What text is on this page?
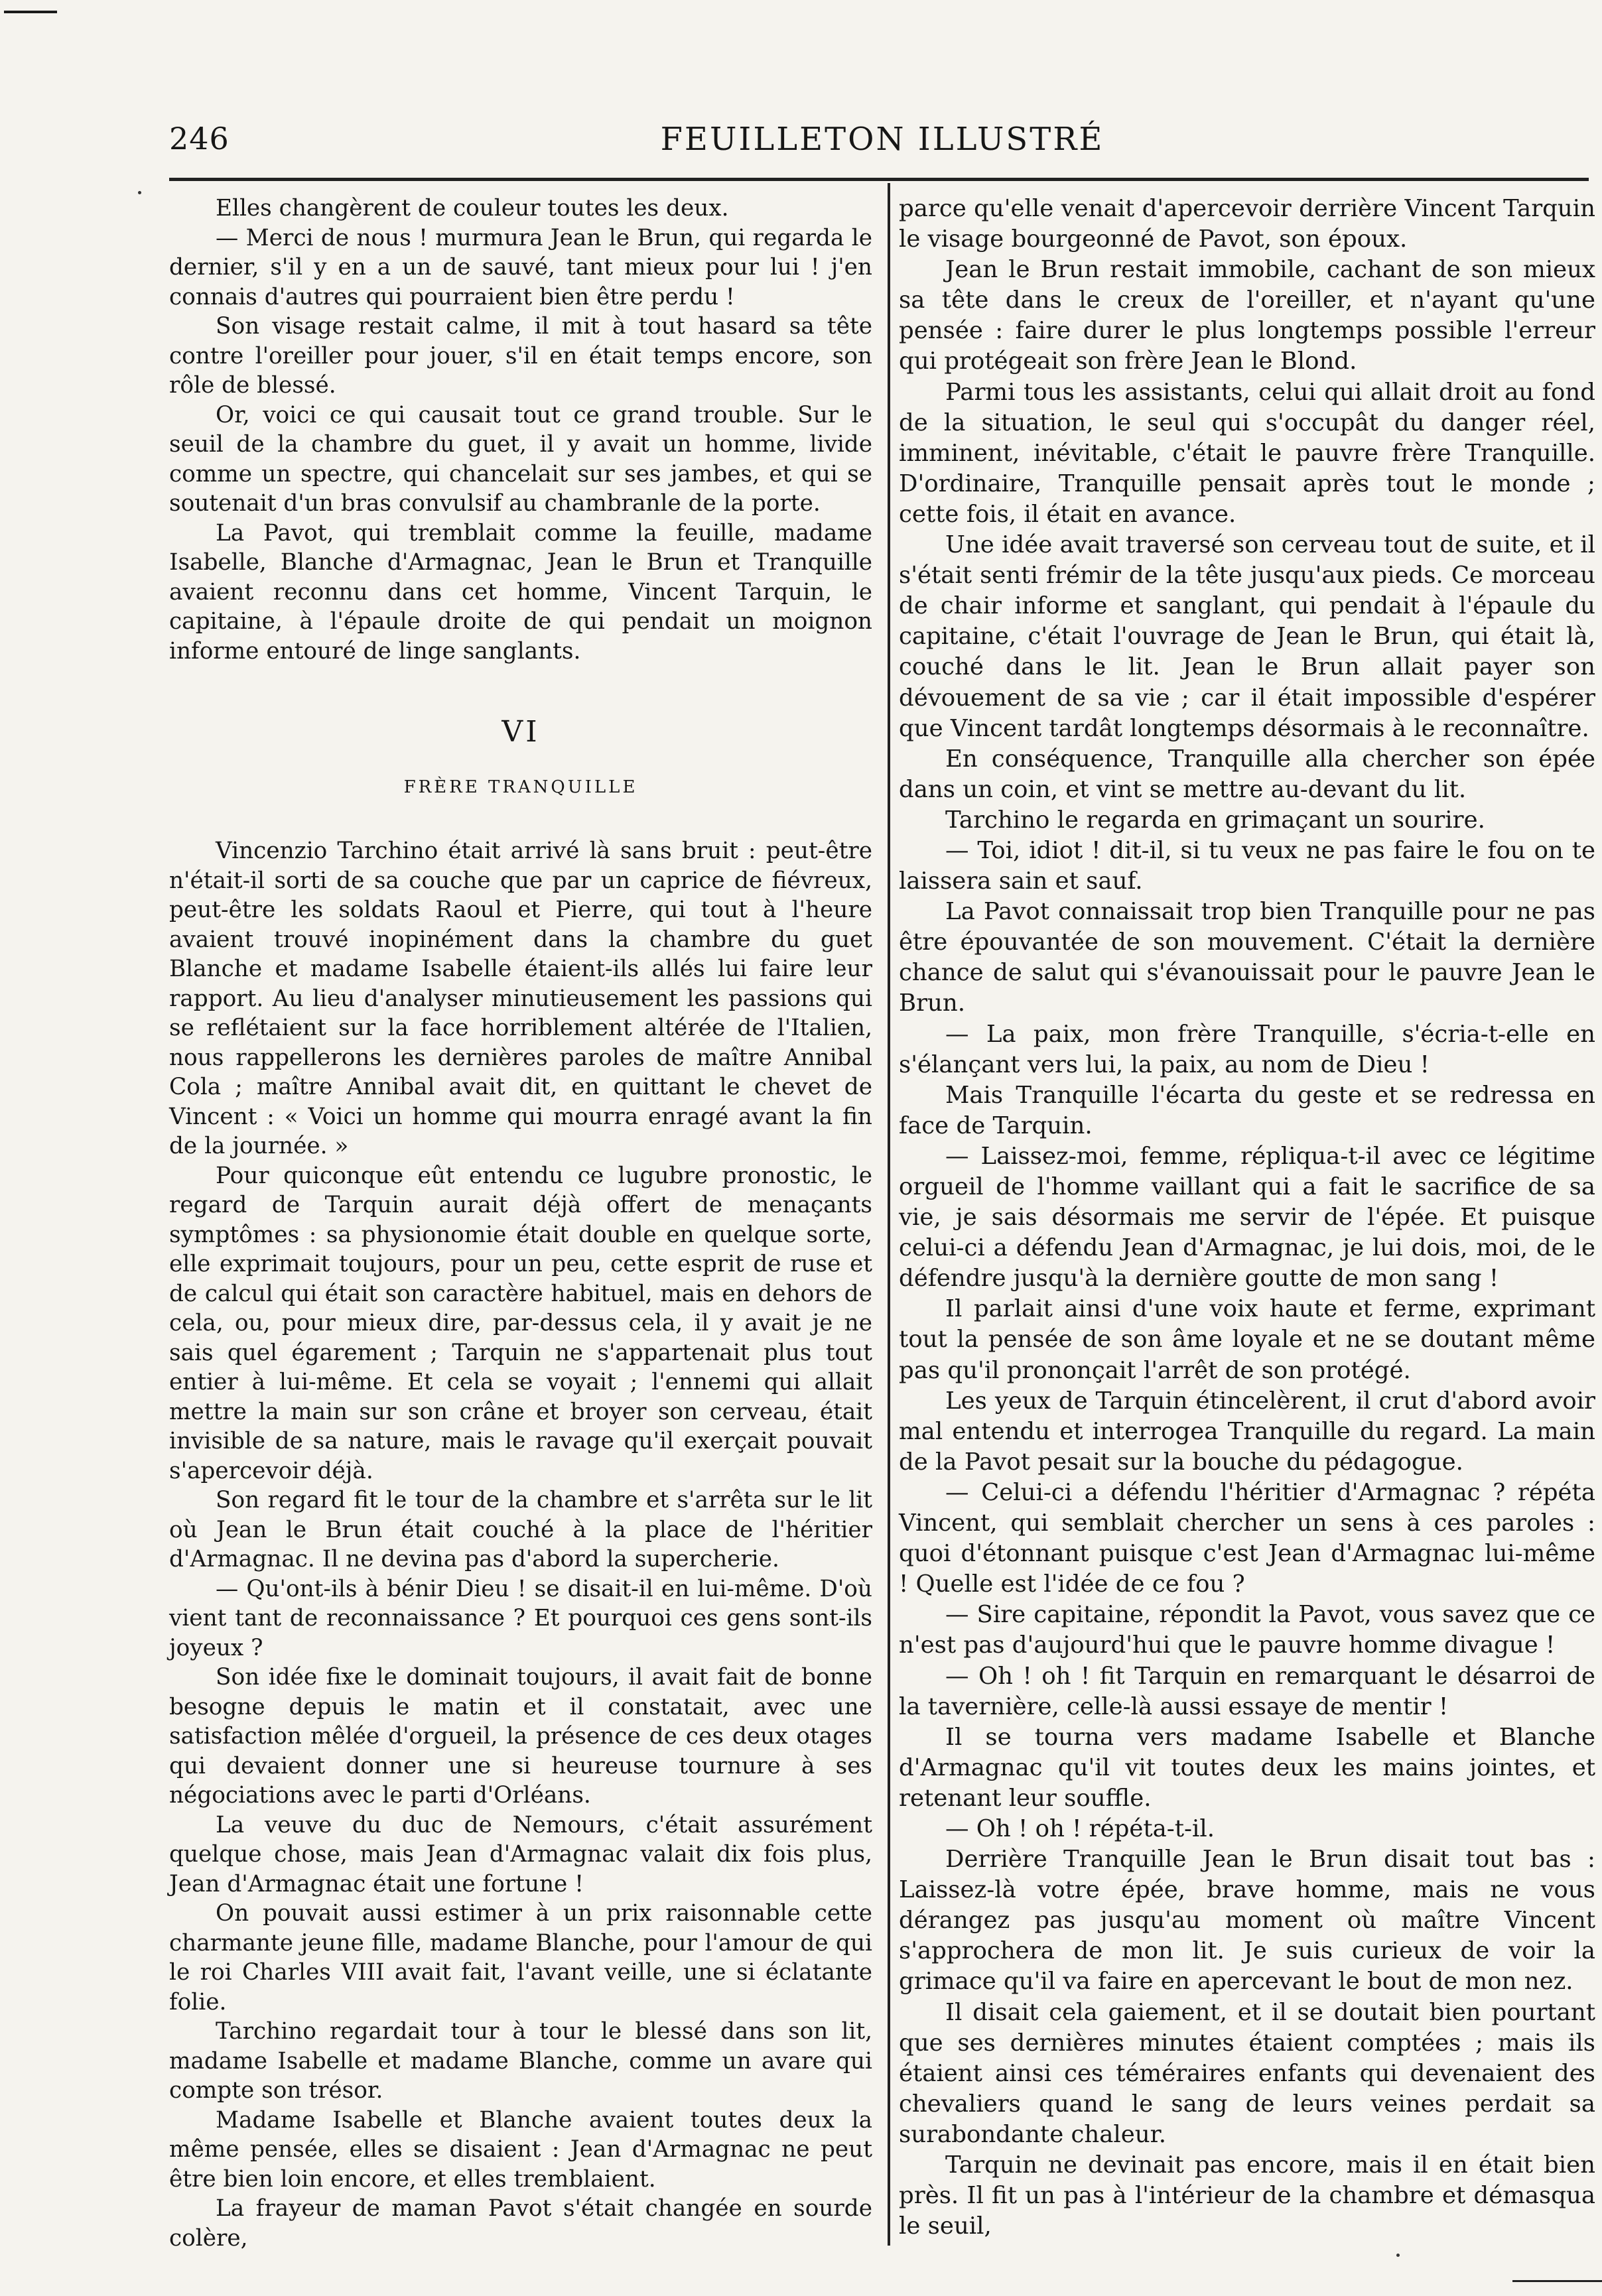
246	FEUILLETON ILLUSTRÉ

Elles changèrent de couleur toutes les deux.

— Merci de nous ! murmura Jean le Brun, qui regarda le dernier, s'il y en a un de sauvé, tant mieux pour lui ! j'en connais d'autres qui pourraient bien être perdu !

Son visage restait calme, il mit à tout hasard sa tête contre l'oreiller pour jouer, s'il en était temps encore, son rôle de blessé.

Or, voici ce qui causait tout ce grand trouble. Sur le seuil de la chambre du guet, il y avait un homme, livide comme un spectre, qui chancelait sur ses jambes, et qui se soutenait d'un bras convulsif au chambranle de la porte.

La Pavot, qui tremblait comme la feuille, madame Isabelle, Blanche d'Armagnac, Jean le Brun et Tranquille avaient reconnu dans cet homme, Vincent Tarquin, le capitaine, à l'épaule droite de qui pendait un moignon informe entouré de linge sanglants.

VI

FRÈRE TRANQUILLE

Vincenzio Tarchino était arrivé là sans bruit : peut-être n'était-il sorti de sa couche que par un caprice de fiévreux, peut-être les soldats Raoul et Pierre, qui tout à l'heure avaient trouvé inopinément dans la chambre du guet Blanche et madame Isabelle étaient-ils allés lui faire leur rapport. Au lieu d'analyser minutieusement les passions qui se reflétaient sur la face horriblement altérée de l'Italien, nous rappellerons les dernières paroles de maître Annibal Cola ; maître Annibal avait dit, en quittant le chevet de Vincent : « Voici un homme qui mourra enragé avant la fin de la journée. »

Pour quiconque eût entendu ce lugubre pronostic, le regard de Tarquin aurait déjà offert de menaçants symptômes : sa physionomie était double en quelque sorte, elle exprimait toujours, pour un peu, cette esprit de ruse et de calcul qui était son caractère habituel, mais en dehors de cela, ou, pour mieux dire, par-dessus cela, il y avait je ne sais quel égarement ; Tarquin ne s'appartenait plus tout entier à lui-même. Et cela se voyait ; l'ennemi qui allait mettre la main sur son crâne et broyer son cerveau, était invisible de sa nature, mais le ravage qu'il exerçait pouvait s'apercevoir déjà.

Son regard fit le tour de la chambre et s'arrêta sur le lit où Jean le Brun était couché à la place de l'héritier d'Armagnac. Il ne devina pas d'abord la supercherie.

— Qu'ont-ils à bénir Dieu ! se disait-il en lui-même. D'où vient tant de reconnaissance ? Et pourquoi ces gens sont-ils joyeux ?

Son idée fixe le dominait toujours, il avait fait de bonne besogne depuis le matin et il constatait, avec une satisfaction mêlée d'orgueil, la présence de ces deux otages qui devaient donner une si heureuse tournure à ses négociations avec le parti d'Orléans.

La veuve du duc de Nemours, c'était assurément quelque chose, mais Jean d'Armagnac valait dix fois plus, Jean d'Armagnac était une fortune !

On pouvait aussi estimer à un prix raisonnable cette charmante jeune fille, madame Blanche, pour l'amour de qui le roi Charles VIII avait fait, l'avant veille, une si éclatante folie.

Tarchino regardait tour à tour le blessé dans son lit, madame Isabelle et madame Blanche, comme un avare qui compte son trésor.

Madame Isabelle et Blanche avaient toutes deux la même pensée, elles se disaient : Jean d'Armagnac ne peut être bien loin encore, et elles tremblaient.

La frayeur de maman Pavot s'était changée en sourde colère,

parce qu'elle venait d'apercevoir derrière Vincent Tarquin le visage bourgeonné de Pavot, son époux.

Jean le Brun restait immobile, cachant de son mieux sa tête dans le creux de l'oreiller, et n'ayant qu'une pensée : faire durer le plus longtemps possible l'erreur qui protégeait son frère Jean le Blond.

Parmi tous les assistants, celui qui allait droit au fond de la situation, le seul qui s'occupât du danger réel, imminent, inévitable, c'était le pauvre frère Tranquille. D'ordinaire, Tranquille pensait après tout le monde ; cette fois, il était en avance.

Une idée avait traversé son cerveau tout de suite, et il s'était senti frémir de la tête jusqu'aux pieds. Ce morceau de chair informe et sanglant, qui pendait à l'épaule du capitaine, c'était l'ouvrage de Jean le Brun, qui était là, couché dans le lit. Jean le Brun allait payer son dévouement de sa vie ; car il était impossible d'espérer que Vincent tardât longtemps désormais à le reconnaître.

En conséquence, Tranquille alla chercher son épée dans un coin, et vint se mettre au-devant du lit.

Tarchino le regarda en grimaçant un sourire.

— Toi, idiot ! dit-il, si tu veux ne pas faire le fou on te laissera sain et sauf.

La Pavot connaissait trop bien Tranquille pour ne pas être épouvantée de son mouvement. C'était la dernière chance de salut qui s'évanouissait pour le pauvre Jean le Brun.

— La paix, mon frère Tranquille, s'écria-t-elle en s'élançant vers lui, la paix, au nom de Dieu !

Mais Tranquille l'écarta du geste et se redressa en face de Tarquin.

— Laissez-moi, femme, répliqua-t-il avec ce légitime orgueil de l'homme vaillant qui a fait le sacrifice de sa vie, je sais désormais me servir de l'épée. Et puisque celui-ci a défendu Jean d'Armagnac, je lui dois, moi, de le défendre jusqu'à la dernière goutte de mon sang !

Il parlait ainsi d'une voix haute et ferme, exprimant tout la pensée de son âme loyale et ne se doutant même pas qu'il prononçait l'arrêt de son protégé.

Les yeux de Tarquin étincelèrent, il crut d'abord avoir mal entendu et interrogea Tranquille du regard. La main de la Pavot pesait sur la bouche du pédagogue.

— Celui-ci a défendu l'héritier d'Armagnac ? répéta Vincent, qui semblait chercher un sens à ces paroles : quoi d'étonnant puisque c'est Jean d'Armagnac lui-même ! Quelle est l'idée de ce fou ?

— Sire capitaine, répondit la Pavot, vous savez que ce n'est pas d'aujourd'hui que le pauvre homme divague !

— Oh ! oh ! fit Tarquin en remarquant le désarroi de la tavernière, celle-là aussi essaye de mentir !

Il se tourna vers madame Isabelle et Blanche d'Armagnac qu'il vit toutes deux les mains jointes, et retenant leur souffle.

— Oh ! oh ! répéta-t-il.

Derrière Tranquille Jean le Brun disait tout bas : Laissez-là votre épée, brave homme, mais ne vous dérangez pas jusqu'au moment où maître Vincent s'approchera de mon lit. Je suis curieux de voir la grimace qu'il va faire en apercevant le bout de mon nez.

Il disait cela gaiement, et il se doutait bien pourtant que ses dernières minutes étaient comptées ; mais ils étaient ainsi ces téméraires enfants qui devenaient des chevaliers quand le sang de leurs veines perdait sa surabondante chaleur.

Tarquin ne devinait pas encore, mais il en était bien près. Il fit un pas à l'intérieur de la chambre et démasqua le seuil,
